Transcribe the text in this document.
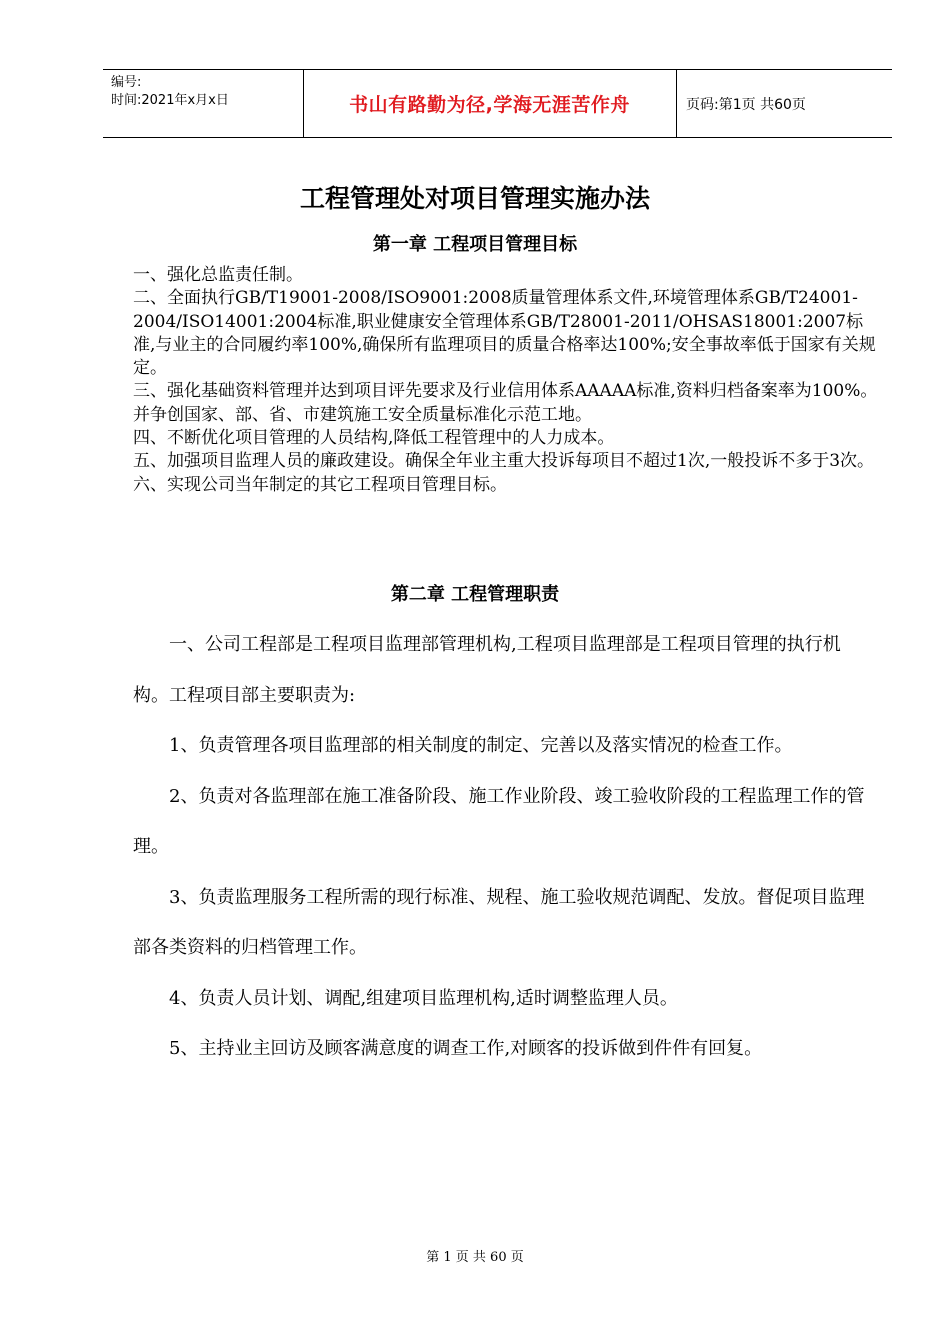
编号:
时间:2021年x月x日	书山有路勤为径,学海无涯苦作舟	页码:第1页 共60页
工程管理处对项目管理实施办法
第一章 工程项目管理目标

一、强化总监责任制。

二、全面执行GB/T19001-2008/ISO9001:2008质量管理体系文件,环境管理体系GB/T24001-2004/ISO14001:2004标准,职业健康安全管理体系GB/T28001-2011/OHSAS18001:2007标准,与业主的合同履约率100%,确保所有监理项目的质量合格率达100%;安全事故率低于国家有关规定。

三、强化基础资料管理并达到项目评先要求及行业信用体系AAAAA标准,资料归档备案率为100%。并争创国家、部、省、市建筑施工安全质量标准化示范工地。

四、不断优化项目管理的人员结构,降低工程管理中的人力成本。

五、加强项目监理人员的廉政建设。确保全年业主重大投诉每项目不超过1次,一般投诉不多于3次。

六、实现公司当年制定的其它工程项目管理目标。

第二章 工程管理职责

一、公司工程部是工程项目监理部管理机构,工程项目监理部是工程项目管理的执行机构。工程项目部主要职责为:

1、负责管理各项目监理部的相关制度的制定、完善以及落实情况的检查工作。

2、负责对各监理部在施工准备阶段、施工作业阶段、竣工验收阶段的工程监理工作的管理。

3、负责监理服务工程所需的现行标准、规程、施工验收规范调配、发放。督促项目监理部各类资料的归档管理工作。

4、负责人员计划、调配,组建项目监理机构,适时调整监理人员。

5、主持业主回访及顾客满意度的调查工作,对顾客的投诉做到件件有回复。

第 1 页 共 60 页
